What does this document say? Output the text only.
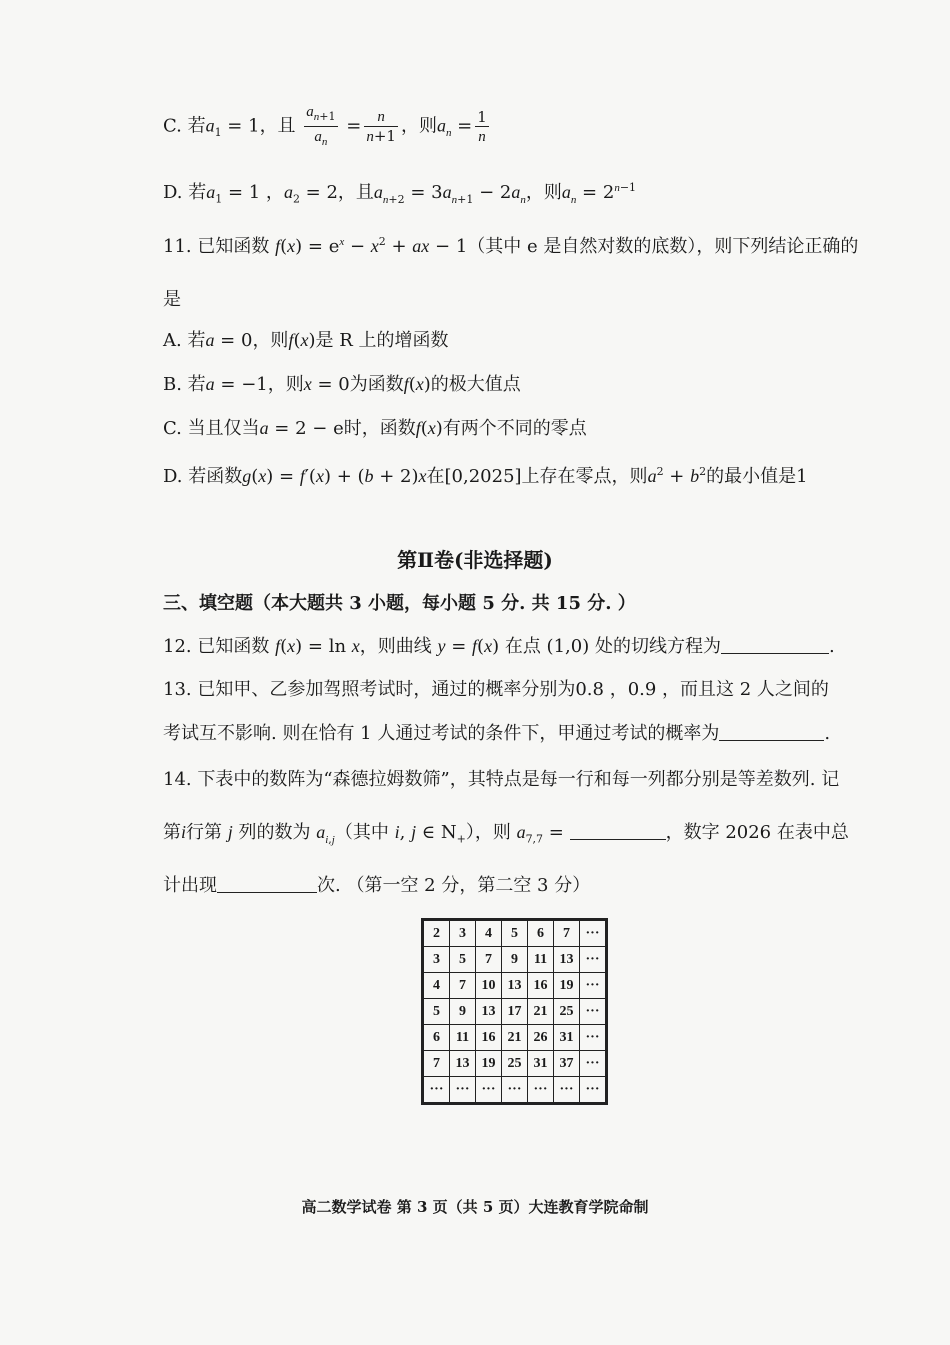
C. 若$a_1 = 1$，且 $\frac{a_{n+1}}{a_n} = \frac{n}{n+1}$ ，则$a_n = \frac{1}{n}$
D. 若$a_1 = 1$ ，$a_2 = 2$，且$a_{n+2} = 3a_{n+1} - 2a_n$，则$a_n = 2^{n-1}$
11. 已知函数 $f(x) = e^x - x^2$ + ax − 1（其中 e 是自然对数的底数），则下列结论正确的
是
A. 若a = 0，则f(x)是 R 上的增函数
B. 若a = −1，则x = 0为函数f(x)的极大值点
C. 当且仅当a = 2 − e时，函数f(x)有两个不同的零点
D. 若函数g(x) = f′(x) + (b + 2)x在[0,2025]上存在零点，则$a^2 + b^2$的最小值是1
第Ⅱ卷(非选择题)
三、填空题（本大题共 3 小题，每小题 5 分. 共 15 分. ）
12. 已知函数 f(x) = ln x，则曲线 y = f(x) 在点 (1,0) 处的切线方程为	.
13. 已知甲、乙参加驾照考试时，通过的概率分别为0.8 ，0.9 ，而且这 2 人之间的
考试互不影响. 则在恰有 1 人通过考试的条件下，甲通过考试的概率为	.
14. 下表中的数阵为“森德拉姆数筛”，其特点是每一行和每一列都分别是等差数列. 记
第i行第 j 列的数为 $a_{i,j}$（其中 i, j ∈ $N_+$），则 $a_{7,7}$ =	，数字 2026 在表中总
计出现	次. （第一空 2 分，第二空 3 分）
2	3	4	5	6	7	···
3	5	7	9	11	13	···
4	7	10	13	16	19	···
5	9	13	17	21	25	···
6	11	16	21	26	31	···
7	13	19	25	31	37	···
···	···	···	···	···	···	···
高二数学试卷 第 3 页（共 5 页）大连教育学院命制
